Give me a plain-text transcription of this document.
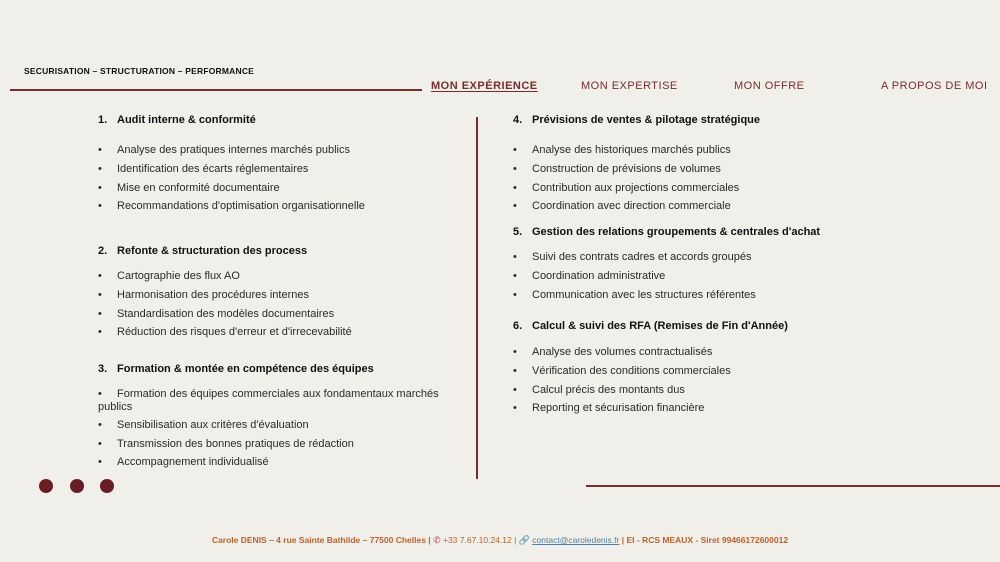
SECURISATION – STRUCTURATION – PERFORMANCE
MON EXPÉRIENCE	MON EXPERTISE	MON OFFRE	A PROPOS DE MOI
1. Audit interne & conformité
• Analyse des pratiques internes marchés publics
• Identification des écarts réglementaires
• Mise en conformité documentaire
• Recommandations d'optimisation organisationnelle
2. Refonte & structuration des process
• Cartographie des flux AO
• Harmonisation des procédures internes
• Standardisation des modèles documentaires
• Réduction des risques d'erreur et d'irrecevabilité
3. Formation & montée en compétence des équipes
• Formation des équipes commerciales aux fondamentaux marchés publics
• Sensibilisation aux critères d'évaluation
• Transmission des bonnes pratiques de rédaction
• Accompagnement individualisé
4. Prévisions de ventes & pilotage stratégique
• Analyse des historiques marchés publics
• Construction de prévisions de volumes
• Contribution aux projections commerciales
• Coordination avec direction commerciale
5. Gestion des relations groupements & centrales d'achat
• Suivi des contrats cadres et accords groupés
• Coordination administrative
• Communication avec les structures référentes
6. Calcul & suivi des RFA (Remises de Fin d'Année)
• Analyse des volumes contractualisés
• Vérification des conditions commerciales
• Calcul précis des montants dus
• Reporting et sécurisation financière
Carole DENIS – 4 rue Sainte Bathilde – 77500 Chelles | ✆ +33 7.67.10.24.12 | 🔗 contact@caroledenis.fr | EI - RCS MEAUX - Siret 99466172600012
